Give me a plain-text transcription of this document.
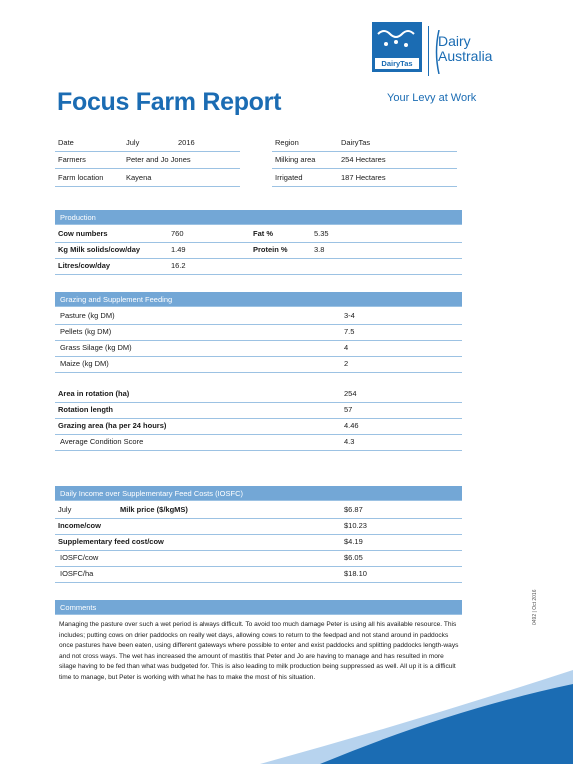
Focus Farm Report
DairyTas
Dairy
Australia
Your Levy at Work
Date	July	2016
Farmers	Peter and Jo Jones
Farm location	Kayena
Region	DairyTas
Milking area	254 Hectares
Irrigated	187 Hectares
Production
Cow numbers	760	Fat %	5.35
Kg Milk solids/cow/day	1.49	Protein %	3.8
Litres/cow/day	16.2
Grazing and Supplement Feeding
Pasture (kg DM)	3-4
Pellets (kg DM)	7.5
Grass Silage (kg DM)	4
Maize (kg DM)	2
Area in rotation (ha)	254
Rotation length	57
Grazing area (ha per 24 hours)	4.46
Average Condition Score	4.3
Daily Income over Supplementary Feed Costs (IOSFC)
July	Milk price ($/kgMS)	$6.87
Income/cow	$10.23
Supplementary feed cost/cow	$4.19
IOSFC/cow	$6.05
IOSFC/ha	$18.10
Comments
Managing the pasture over such a wet period is always difficult. To avoid too much damage Peter is using all his available resource. This includes; putting cows on drier paddocks on really wet days, allowing cows to return to the feedpad and not stand around in paddocks once pastures have been eaten, using different gateways where possible to enter and exist paddocks and splitting paddocks length-ways and not cross ways. The wet has increased the amount of mastitis that Peter and Jo are having to manage and has resulted in more silage having to be fed than what was budgeted for. This is also leading to milk production being suppressed as well. All up it is a difficult time to manage, but Peter is working with what he has to make the most of his situation.
0492 | Oct 2016
